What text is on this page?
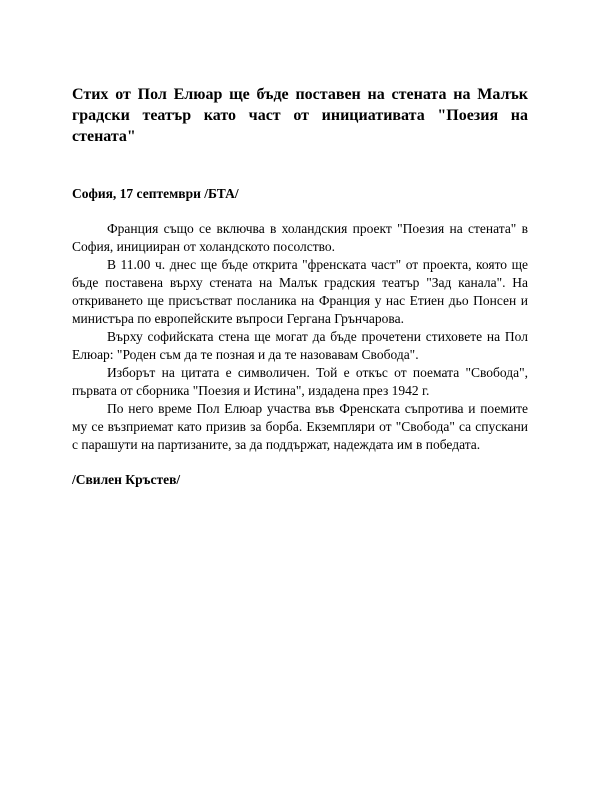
Стих от Пол Елюар ще бъде поставен на стената на Малък градски театър като част от инициативата "Поезия на стената"

София, 17 септември /БТА/

Франция също се включва в холандския проект "Поезия на стената" в София, иницииран от холандското посолство.

В 11.00 ч. днес ще бъде открита "френската част" от проекта, която ще бъде поставена върху стената на Малък градския театър "Зад канала". На откриването ще присъстват посланика на Франция у нас Етиен дьо Понсен и министъра по европейските въпроси Гергана Грънчарова.

Върху софийската стена ще могат да бъде прочетени стиховете на Пол Елюар: "Роден съм да те позная и да те назовавам Свобода".

Изборът на цитата е символичен. Той е откъс от поемата "Свобода", първата от сборника "Поезия и Истина", издадена през 1942 г.

По него време Пол Елюар участва във Френската съпротива и поемите му се възприемат като призив за борба. Екземпляри от "Свобода" са спускани с парашути на партизаните, за да поддържат, надеждата им в победата.

/Свилен Кръстев/
